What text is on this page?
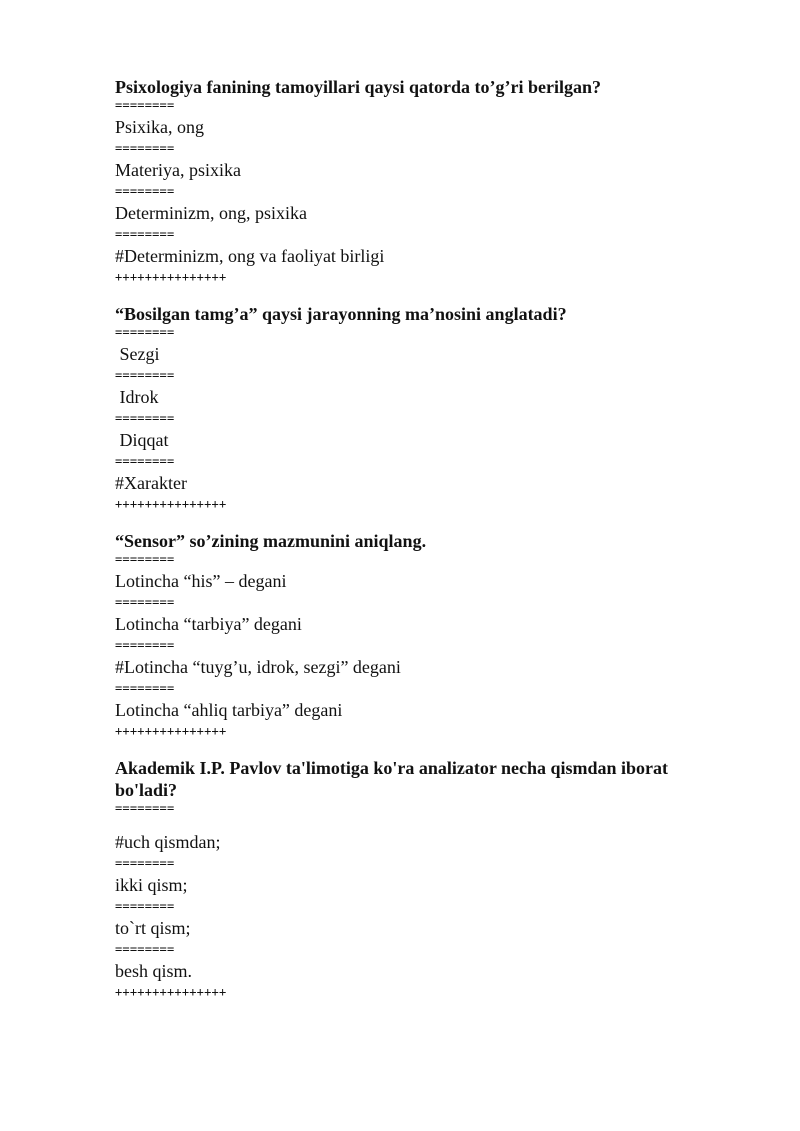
Psixologiya fanining tamoyillari qaysi qatorda to’g’ri berilgan?

========
Psixika, ong
========
Materiya, psixika
========
Determinizm, ong, psixika
========
#Determinizm, ong va faoliyat birligi
+++++++++++++++

“Bosilgan tamg’a” qaysi jarayonning ma’nosini anglatadi?

========
Sezgi
========
Idrok
========
Diqqat
========
#Xarakter
+++++++++++++++

“Sensor” so’zining mazmunini aniqlang.

========
Lotincha “his” – degani
========
Lotincha “tarbiya” degani
========
#Lotincha “tuyg’u, idrok, sezgi” degani
========
Lotincha “ahliq tarbiya” degani
+++++++++++++++

Akademik I.P. Pavlov ta'limotiga ko'ra analizator necha qismdan iborat bo'ladi?

========
#uch qismdan;
========
ikki qism;
========
to`rt qism;
========
besh qism.
+++++++++++++++
